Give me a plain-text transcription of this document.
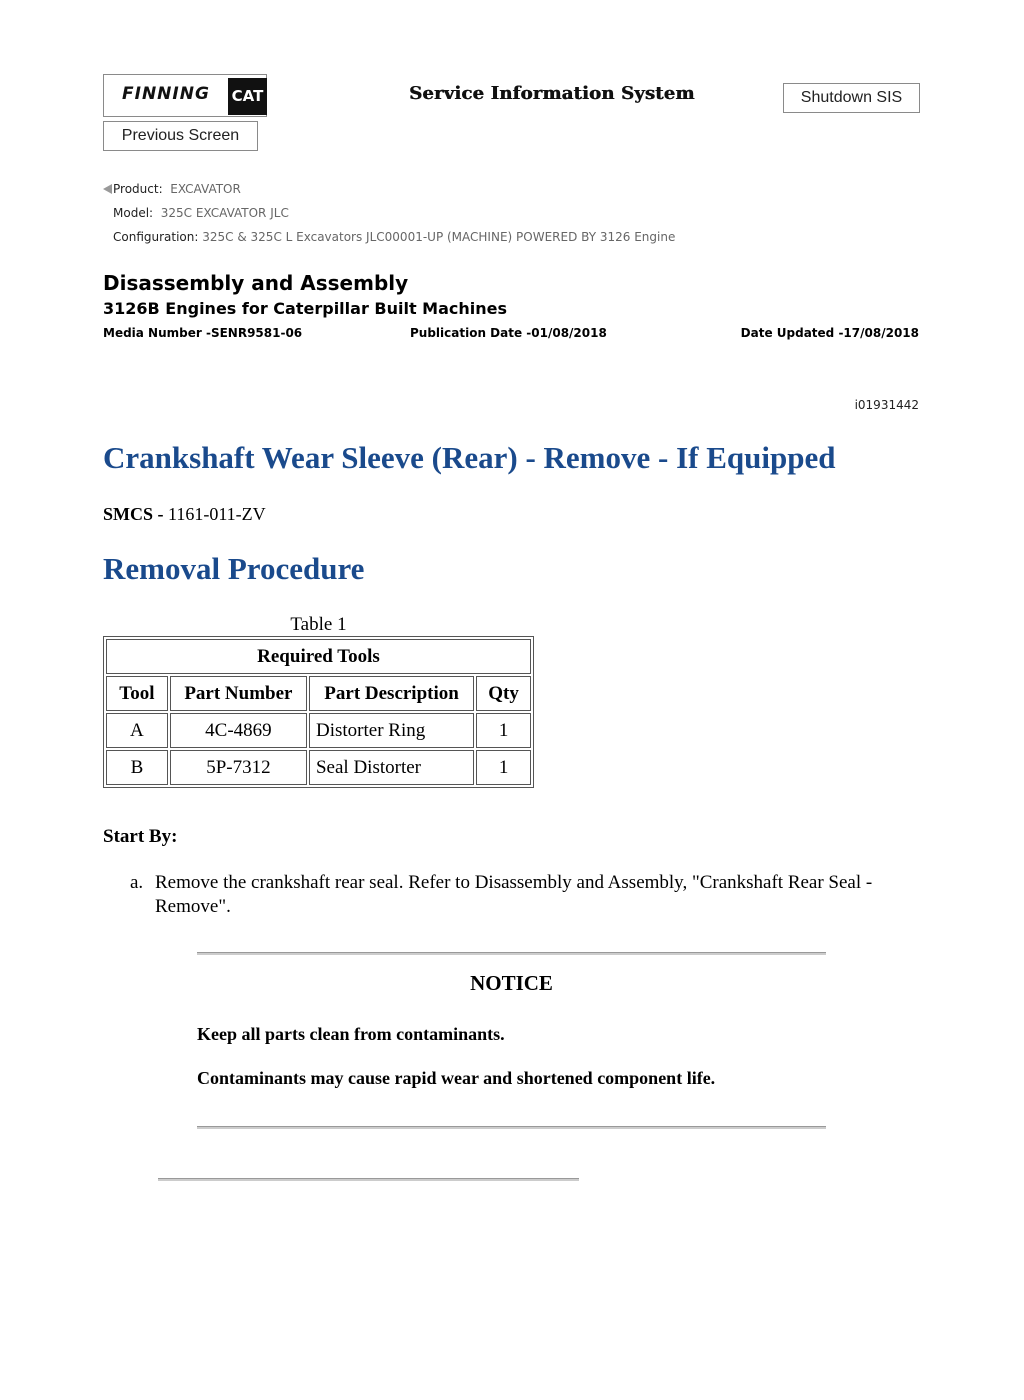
FINNING CAT	Service Information System	Shutdown SIS
Previous Screen
Product: EXCAVATOR
Model: 325C EXCAVATOR JLC
Configuration: 325C & 325C L Excavators JLC00001-UP (MACHINE) POWERED BY 3126 Engine
Disassembly and Assembly
3126B Engines for Caterpillar Built Machines
Media Number -SENR9581-06	Publication Date -01/08/2018	Date Updated -17/08/2018
i01931442
Crankshaft Wear Sleeve (Rear) - Remove - If Equipped
SMCS - 1161-011-ZV
Removal Procedure
Table 1
Required Tools			
Tool	Part Number	Part Description	Qty
A	4C-4869	Distorter Ring	1
B	5P-7312	Seal Distorter	1
Start By:
a. Remove the crankshaft rear seal. Refer to Disassembly and Assembly, "Crankshaft Rear Seal - Remove".
NOTICE
Keep all parts clean from contaminants.
Contaminants may cause rapid wear and shortened component life.
